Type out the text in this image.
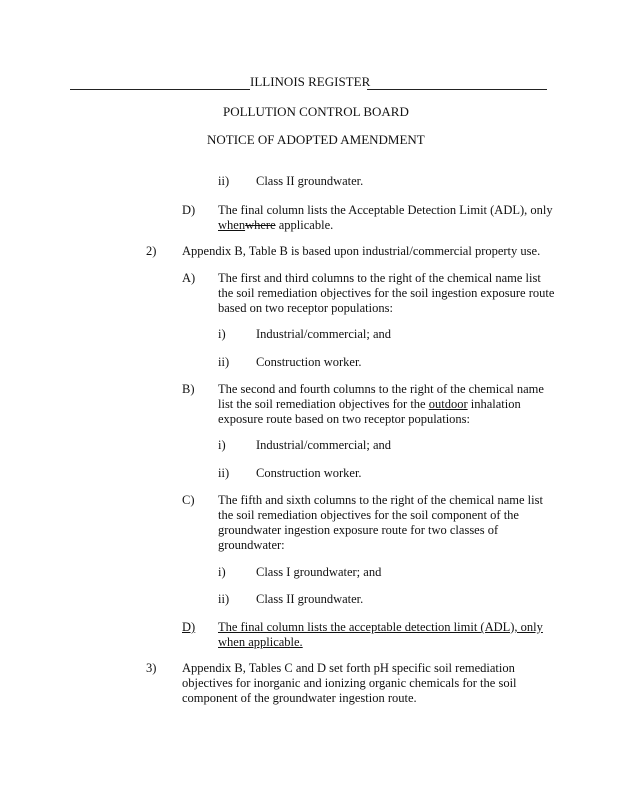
ILLINOIS REGISTER
POLLUTION CONTROL BOARD
NOTICE OF ADOPTED AMENDMENT
ii) Class II groundwater.
D) The final column lists the Acceptable Detection Limit (ADL), only
whenwhere applicable.
2) Appendix B, Table B is based upon industrial/commercial property use.
A) The first and third columns to the right of the chemical name list
the soil remediation objectives for the soil ingestion exposure route
based on two receptor populations:
i) Industrial/commercial; and
ii) Construction worker.
B) The second and fourth columns to the right of the chemical name
list the soil remediation objectives for the outdoor inhalation
exposure route based on two receptor populations:
i) Industrial/commercial; and
ii) Construction worker.
C) The fifth and sixth columns to the right of the chemical name list
the soil remediation objectives for the soil component of the
groundwater ingestion exposure route for two classes of
groundwater:
i) Class I groundwater; and
ii) Class II groundwater.
D) The final column lists the acceptable detection limit (ADL), only
when applicable.
3) Appendix B, Tables C and D set forth pH specific soil remediation
objectives for inorganic and ionizing organic chemicals for the soil
component of the groundwater ingestion route.
